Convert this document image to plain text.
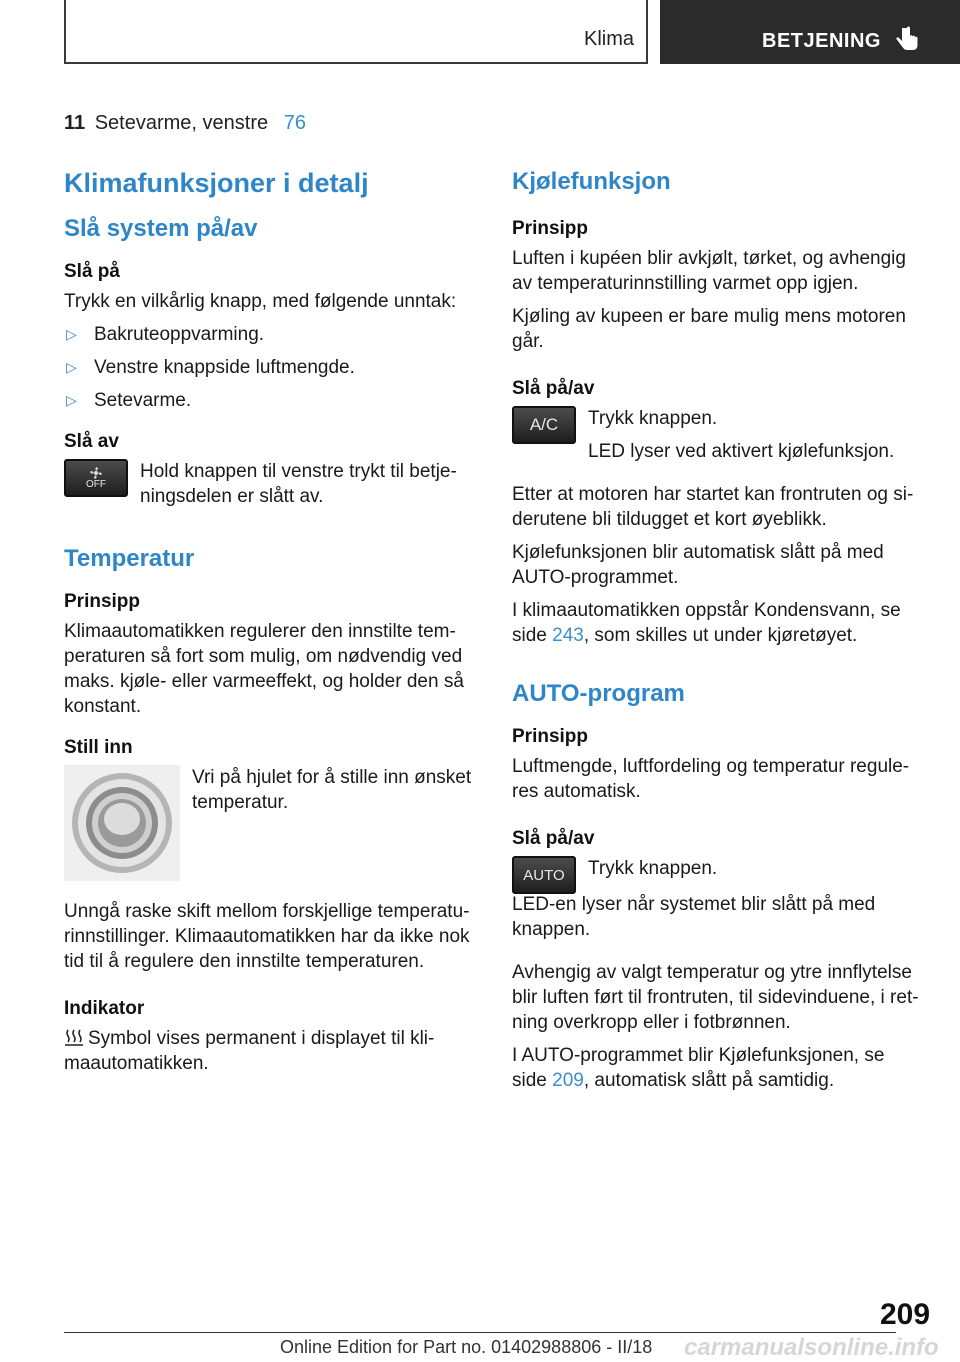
Klima	BETJENING
11 Setevarme, venstre 76
Klimafunksjoner i detalj
Slå system på/av
Slå på

Trykk en vilkårlig knapp, med følgende unntak:

▷ Bakruteoppvarming.
▷ Venstre knappside luftmengde.
▷ Setevarme.
Slå av
OFF

Hold knappen til venstre trykt til betje-ningsdelen er slått av.

Temperatur
Prinsipp

Klimaautomatikken regulerer den innstilte tem-peraturen så fort som mulig, om nødvendig ved maks. kjøle- eller varmeeffekt, og holder den så konstant.

Still inn

Vri på hjulet for å stille inn ønsket temperatur.

Unngå raske skift mellom forskjellige temperatu-rinnstillinger. Klimaautomatikken har da ikke nok tid til å regulere den innstilte temperaturen.

Indikator

Symbol vises permanent i displayet til kli-maautomatikken.

Kjølefunksjon
Prinsipp

Luften i kupéen blir avkjølt, tørket, og avhengig av temperaturinnstilling varmet opp igjen.

Kjøling av kupeen er bare mulig mens motoren går.

Slå på/av
A/C	Trykk knappen.

LED lyser ved aktivert kjølefunksjon.

Etter at motoren har startet kan frontruten og si-derutene bli tildugget et kort øyeblikk.

Kjølefunksjonen blir automatisk slått på med AUTO-programmet.

I klimaautomatikken oppstår Kondensvann, se side 243, som skilles ut under kjøretøyet.

AUTO-program
Prinsipp

Luftmengde, luftfordeling og temperatur regule-res automatisk.

Slå på/av
AUTO	Trykk knappen.

LED-en lyser når systemet blir slått på med knappen.

Avhengig av valgt temperatur og ytre innflytelse blir luften ført til frontruten, til sidevinduene, i ret-ning overkropp eller i fotbrønnen.

I AUTO-programmet blir Kjølefunksjonen, se side 209, automatisk slått på samtidig.

209
Online Edition for Part no. 01402988806 - II/18 carmanualsonline.info
